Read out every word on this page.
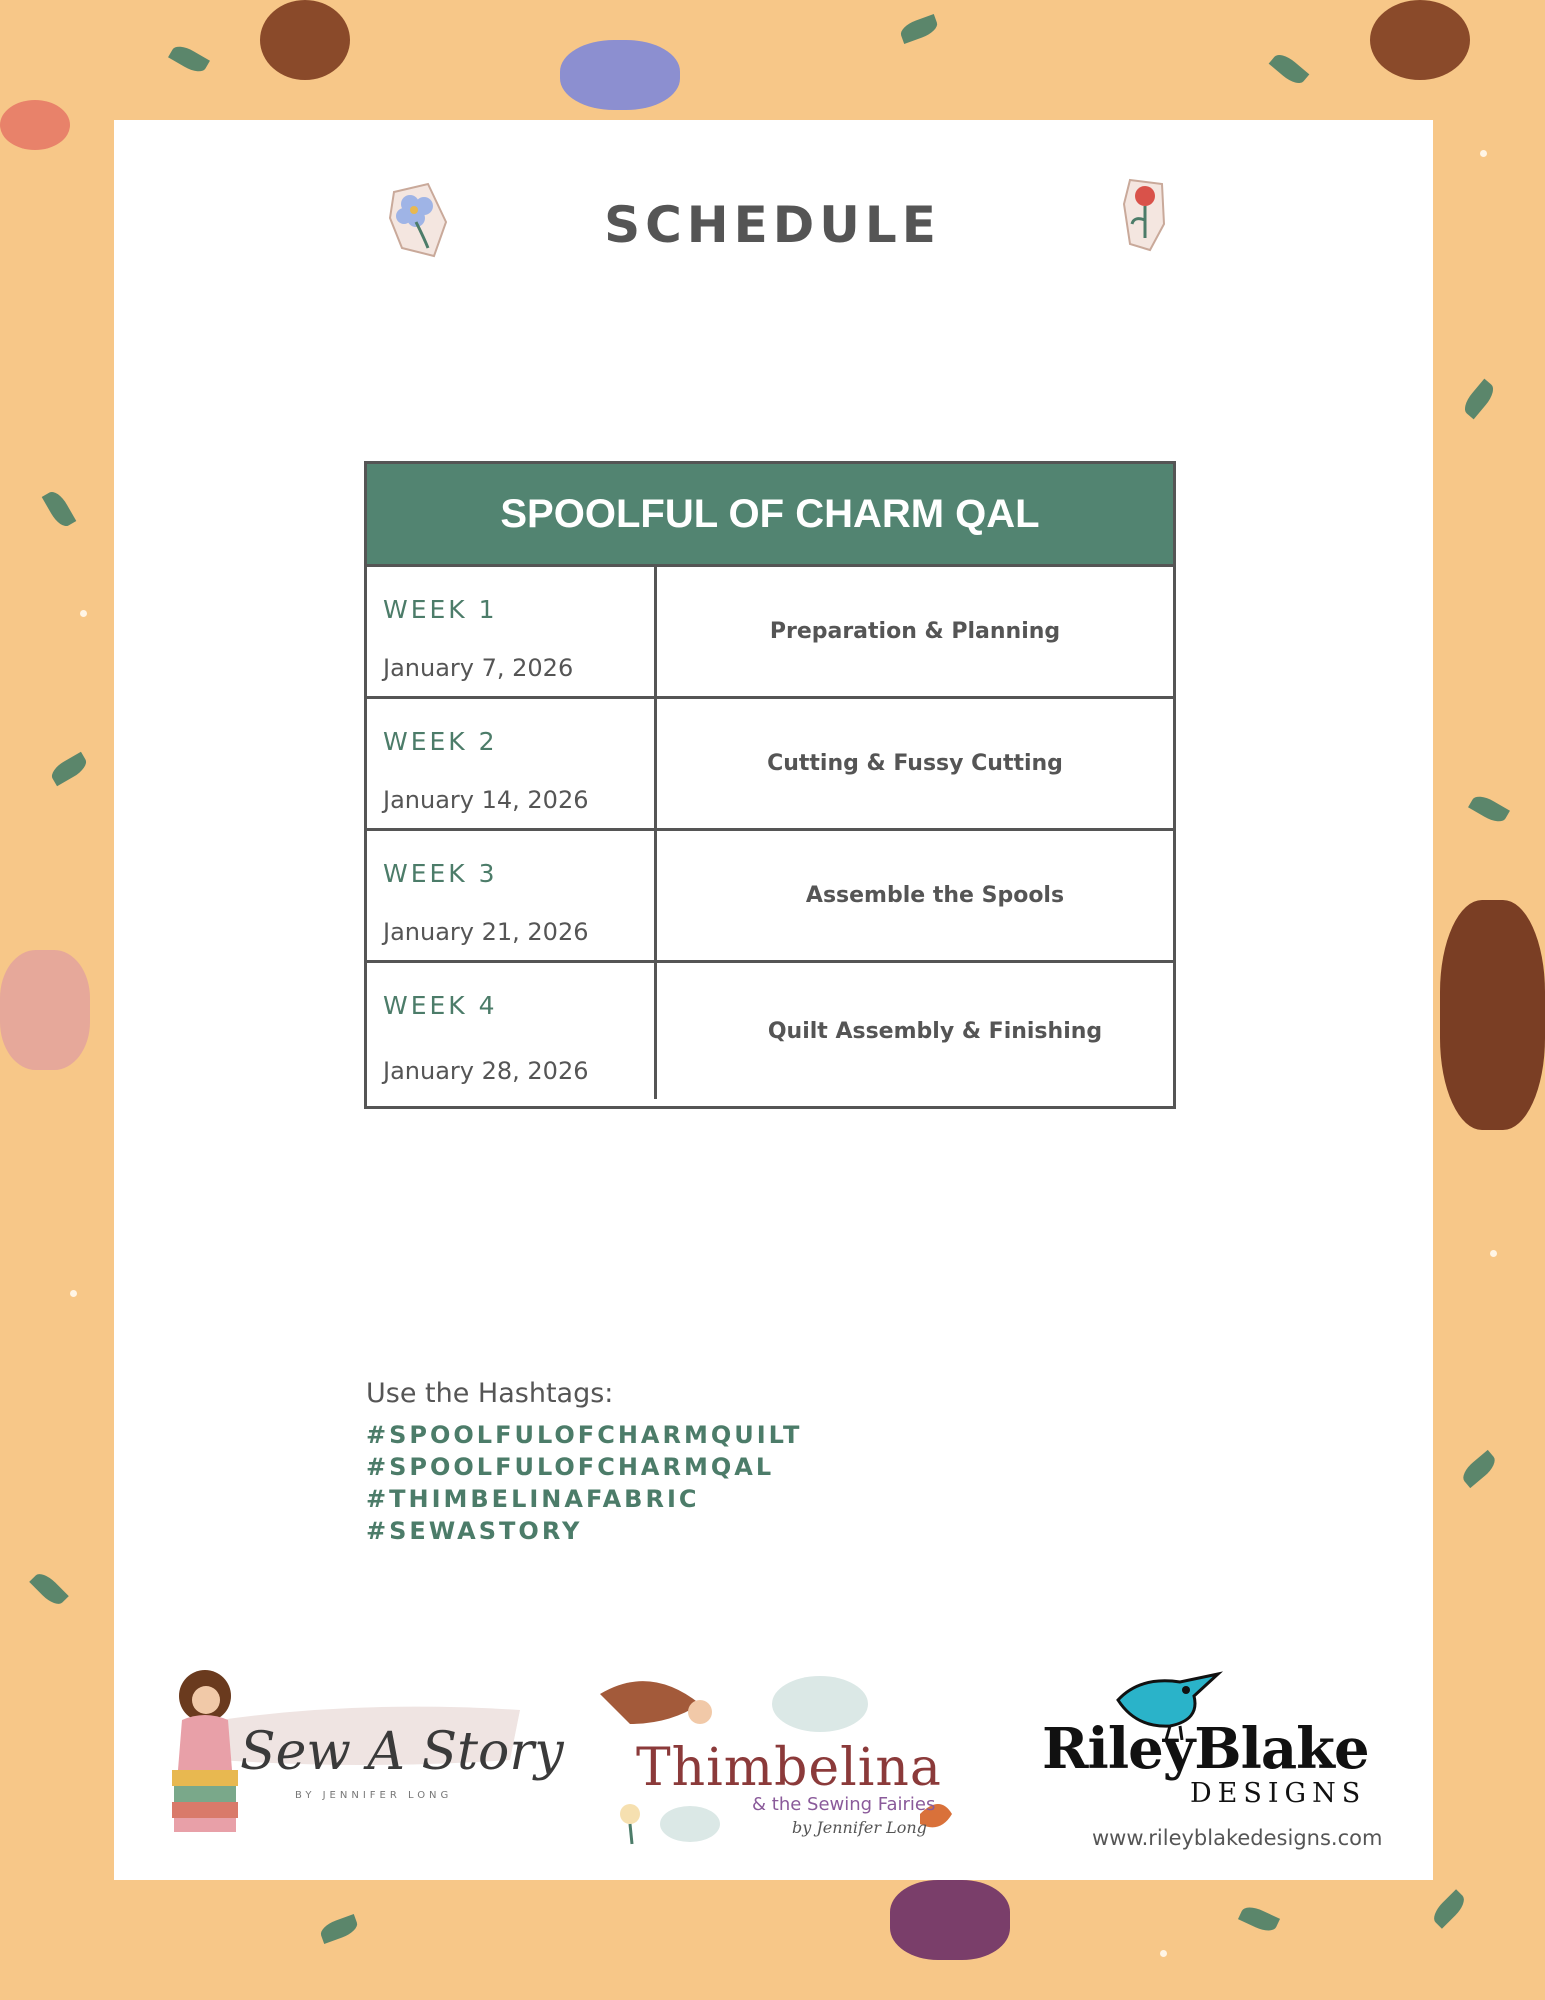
SCHEDULE
SPOOLFUL OF CHARM QAL
WEEK 1
January 7, 2026
Preparation & Planning
WEEK 2
January 14, 2026
Cutting & Fussy Cutting
WEEK 3
January 21, 2026
Assemble the Spools
WEEK 4
January 28, 2026
Quilt Assembly & Finishing
Use the Hashtags:
#SPOOLFULOFCHARMQUILT
#SPOOLFULOFCHARMQAL
#THIMBELINAFABRIC
#SEWASTORY
Sew A Story
BY JENNIFER LONG	Thimbelina
& the Sewing Fairies
by Jennifer Long
RileyBlake
DESIGNS
www.rileyblakedesigns.com
